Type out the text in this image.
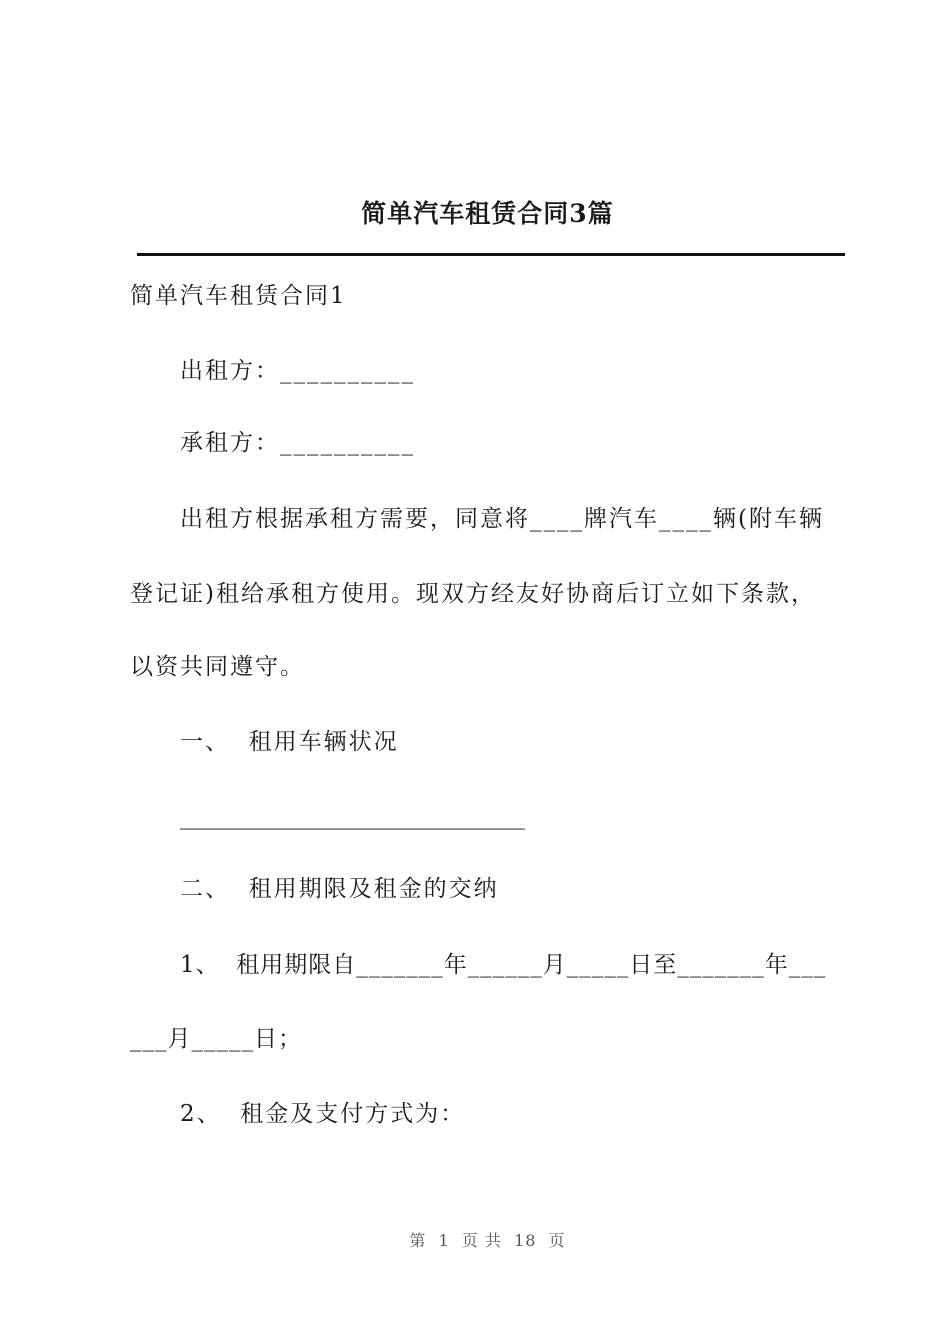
简单汽车租赁合同3篇
简单汽车租赁合同1
出租方：__________
承租方：__________
出租方根据承租方需要，同意将____牌汽车____辆(附车辆
登记证)租给承租方使用。现双方经友好协商后订立如下条款，
以资共同遵守。
一、  租用车辆状况
______________________________
二、  租用期限及租金的交纳
1、  租用期限自_______年______月_____日至_______年___
___月_____日；
2、  租金及支付方式为：
第  1  页 共  18  页
